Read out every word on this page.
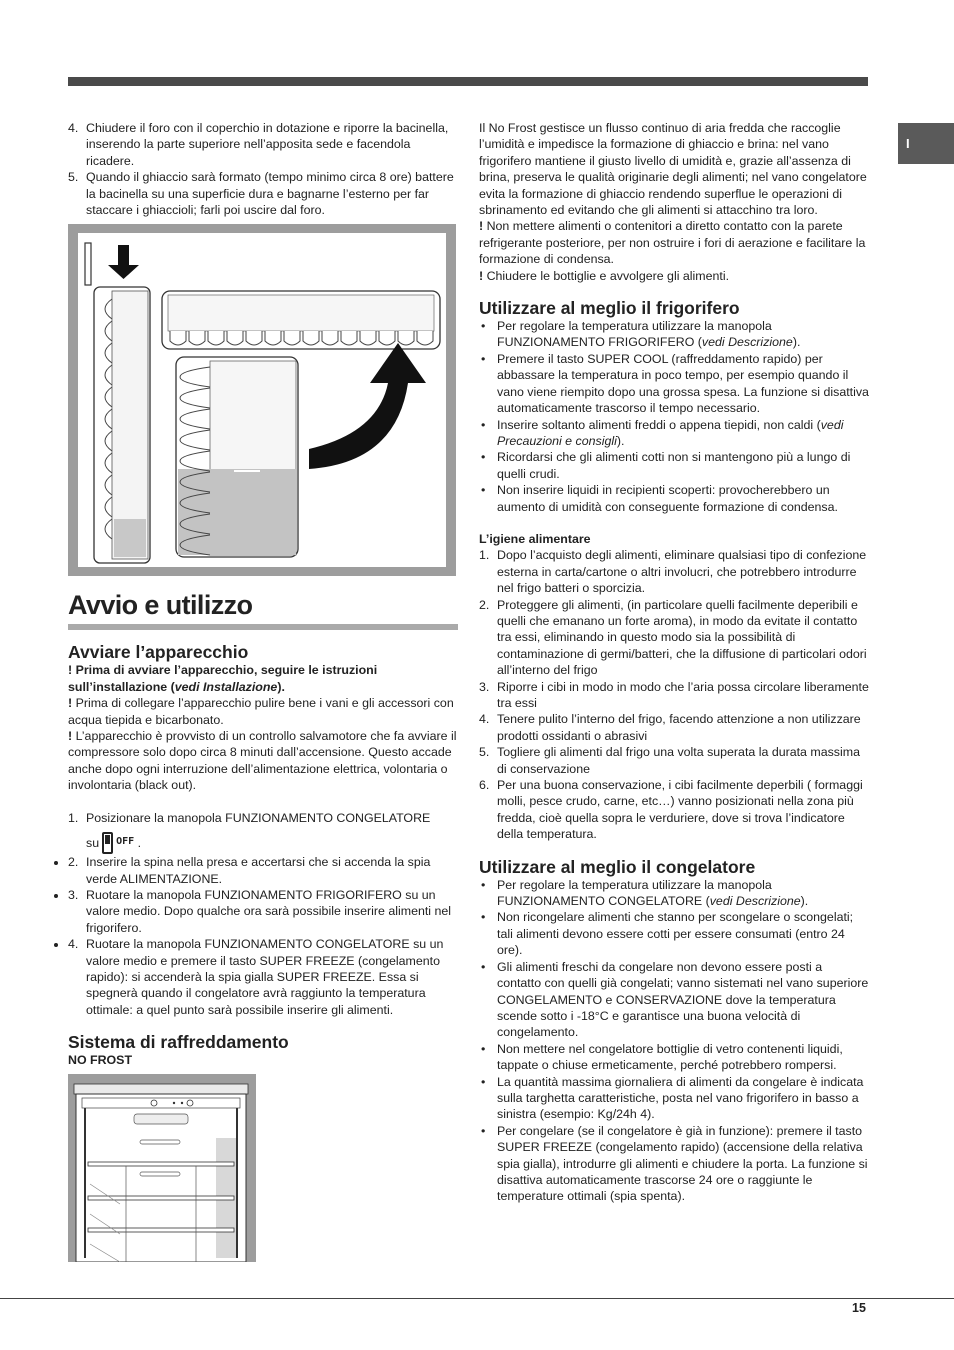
I
4. Chiudere il foro con il coperchio in dotazione e riporre la bacinella, inserendo la parte superiore nell’apposita sede e facendola ricadere.
5. Quando il ghiaccio sarà formato (tempo minimo circa 8 ore) battere la bacinella su una superficie dura e bagnarne l’esterno per far staccare i ghiaccioli; farli poi uscire dal foro.

Avvio e utilizzo

Avviare l’apparecchio

! Prima di avviare l’apparecchio, seguire le istruzioni sull’installazione (vedi Installazione).

! Prima di collegare l’apparecchio pulire bene i vani e gli accessori con acqua tiepida e bicarbonato.

! L’apparecchio è provvisto di un controllo salvamotore che fa avviare il compressore solo dopo circa 8 minuti dall’accensione. Questo accade anche dopo ogni interruzione dell’alimentazione elettrica, volontaria o involontaria (black out).

1. Posizionare la manopola FUNZIONAMENTO CONGELATORE
su $^{OFF}$ .
• 2. Inserire la spina nella presa e accertarsi che si accenda la spia verde ALIMENTAZIONE.
• 3. Ruotare la manopola FUNZIONAMENTO FRIGORIFERO su un valore medio. Dopo qualche ora sarà possibile inserire alimenti nel frigorifero.
• 4. Ruotare la manopola FUNZIONAMENTO CONGELATORE su un valore medio e premere il tasto SUPER FREEZE (congelamento rapido): si accenderà la spia gialla SUPER FREEZE. Essa si spegnerà quando il congelatore avrà raggiunto la temperatura ottimale: a quel punto sarà possibile inserire gli alimenti.

Sistema di raffreddamento

NO FROST

Il No Frost gestisce un flusso continuo di aria fredda che raccoglie l’umidità e impedisce la formazione di ghiaccio e brina: nel vano frigorifero mantiene il giusto livello di umidità e, grazie all’assenza di brina, preserva le qualità originarie degli alimenti; nel vano congelatore evita la formazione di ghiaccio rendendo superflue le operazioni di sbrinamento ed evitando che gli alimenti si attacchino tra loro.

! Non mettere alimenti o contenitori a diretto contatto con la parete refrigerante posteriore, per non ostruire i fori di aerazione e facilitare la formazione di condensa.

! Chiudere le bottiglie e avvolgere gli alimenti.

Utilizzare al meglio il frigorifero

• Per regolare la temperatura utilizzare la manopola FUNZIONAMENTO FRIGORIFERO (vedi Descrizione).
• Premere il tasto SUPER COOL (raffreddamento rapido) per abbassare la temperatura in poco tempo, per esempio quando il vano viene riempito dopo una grossa spesa. La funzione si disattiva automaticamente trascorso il tempo necessario.
• Inserire soltanto alimenti freddi o appena tiepidi, non caldi (vedi Precauzioni e consigli).
• Ricordarsi che gli alimenti cotti non si mantengono più a lungo di quelli crudi.
• Non inserire liquidi in recipienti scoperti: provocherebbero un aumento di umidità con conseguente formazione di condensa.

L’igiene alimentare

1. Dopo l’acquisto degli alimenti, eliminare qualsiasi tipo di confezione esterna in carta/cartone o altri involucri, che potrebbero introdurre nel frigo batteri o sporcizia.
2. Proteggere gli alimenti, (in particolare quelli facilmente deperibili e quelli che emanano un forte aroma), in modo da evitate il contatto tra essi, eliminando in questo modo sia la possibilità di contaminazione di germi/batteri, che la diffusione di particolari odori all’interno del frigo
3. Riporre i cibi in modo in modo che l’aria possa circolare liberamente tra essi
4. Tenere pulito l’interno del frigo, facendo attenzione a non utilizzare prodotti ossidanti o abrasivi
5. Togliere gli alimenti dal frigo una volta superata la durata massima di conservazione
6. Per una buona conservazione, i cibi facilmente deperbili ( formaggi molli, pesce crudo, carne, etc…) vanno posizionati nella zona più fredda, cioè quella sopra le verduriere, dove si trova l’indicatore della temperatura.

Utilizzare al meglio il congelatore

• Per regolare la temperatura utilizzare la manopola FUNZIONAMENTO CONGELATORE (vedi Descrizione).
• Non ricongelare alimenti che stanno per scongelare o scongelati; tali alimenti devono essere cotti per essere consumati (entro 24 ore).
• Gli alimenti freschi da congelare non devono essere posti a contatto con quelli già congelati; vanno sistemati nel vano superiore CONGELAMENTO e CONSERVAZIONE dove la temperatura scende sotto i -18°C e garantisce una buona velocità di congelamento.
• Non mettere nel congelatore bottiglie di vetro contenenti liquidi, tappate o chiuse ermeticamente, perché potrebbero rompersi.
• La quantità massima giornaliera di alimenti da congelare è indicata sulla targhetta caratteristiche, posta nel vano frigorifero in basso a sinistra (esempio: Kg/24h 4).
• Per congelare (se il congelatore è già in funzione): premere il tasto SUPER FREEZE (congelamento rapido) (accensione della relativa spia gialla), introdurre gli alimenti e chiudere la porta. La funzione si disattiva automaticamente trascorse 24 ore o raggiunte le temperature ottimali (spia spenta).
15
